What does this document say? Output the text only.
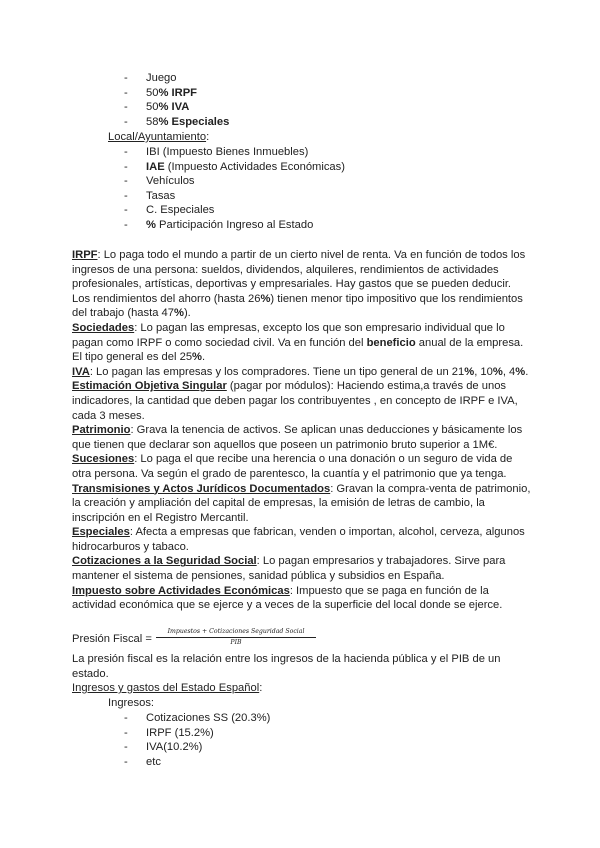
- Juego
- 50% IRPF
- 50% IVA
- 58% Especiales
Local/Ayuntamiento:
- IBI (Impuesto Bienes Inmuebles)
- IAE (Impuesto Actividades Económicas)
- Vehículos
- Tasas
- C. Especiales
- % Participación Ingreso al Estado

IRPF: Lo paga todo el mundo a partir de un cierto nivel de renta. Va en función de todos los ingresos de una persona: sueldos, dividendos, alquileres, rendimientos de actividades profesionales, artísticas, deportivas y empresariales. Hay gastos que se pueden deducir. Los rendimientos del ahorro (hasta 26%) tienen menor tipo impositivo que los rendimientos del trabajo (hasta 47%).

Sociedades: Lo pagan las empresas, excepto los que son empresario individual que lo pagan como IRPF o como sociedad civil. Va en función del beneficio anual de la empresa. El tipo general es del 25%.

IVA: Lo pagan las empresas y los compradores. Tiene un tipo general de un 21%, 10%, 4%.

Estimación Objetiva Singular (pagar por módulos): Haciendo estima,a través de unos indicadores, la cantidad que deben pagar los contribuyentes , en concepto de IRPF e IVA, cada 3 meses.

Patrimonio: Grava la tenencia de activos. Se aplican unas deducciones y básicamente los que tienen que declarar son aquellos que poseen un patrimonio bruto superior a 1M€.

Sucesiones: Lo paga el que recibe una herencia o una donación o un seguro de vida de otra persona. Va según el grado de parentesco, la cuantía y el patrimonio que ya tenga.

Transmisiones y Actos Jurídicos Documentados: Gravan la compra-venta de patrimonio, la creación y ampliación del capital de empresas, la emisión de letras de cambio, la inscripción en el Registro Mercantil.

Especiales: Afecta a empresas que fabrican, venden o importan, alcohol, cerveza, algunos hidrocarburos y tabaco.

Cotizaciones a la Seguridad Social: Lo pagan empresarios y trabajadores. Sirve para mantener el sistema de pensiones, sanidad pública y subsidios en España.

Impuesto sobre Actividades Económicas: Impuesto que se paga en función de la actividad económica que se ejerce y a veces de la superficie del local donde se ejerce.

Presión Fiscal =
Impuestos + Cotizaciones Seguridad Social
PIB

La presión fiscal es la relación entre los ingresos de la hacienda pública y el PIB de un estado.

Ingresos y gastos del Estado Español:
Ingresos:
- Cotizaciones SS (20.3%)
- IRPF (15.2%)
- IVA(10.2%)
- etc
